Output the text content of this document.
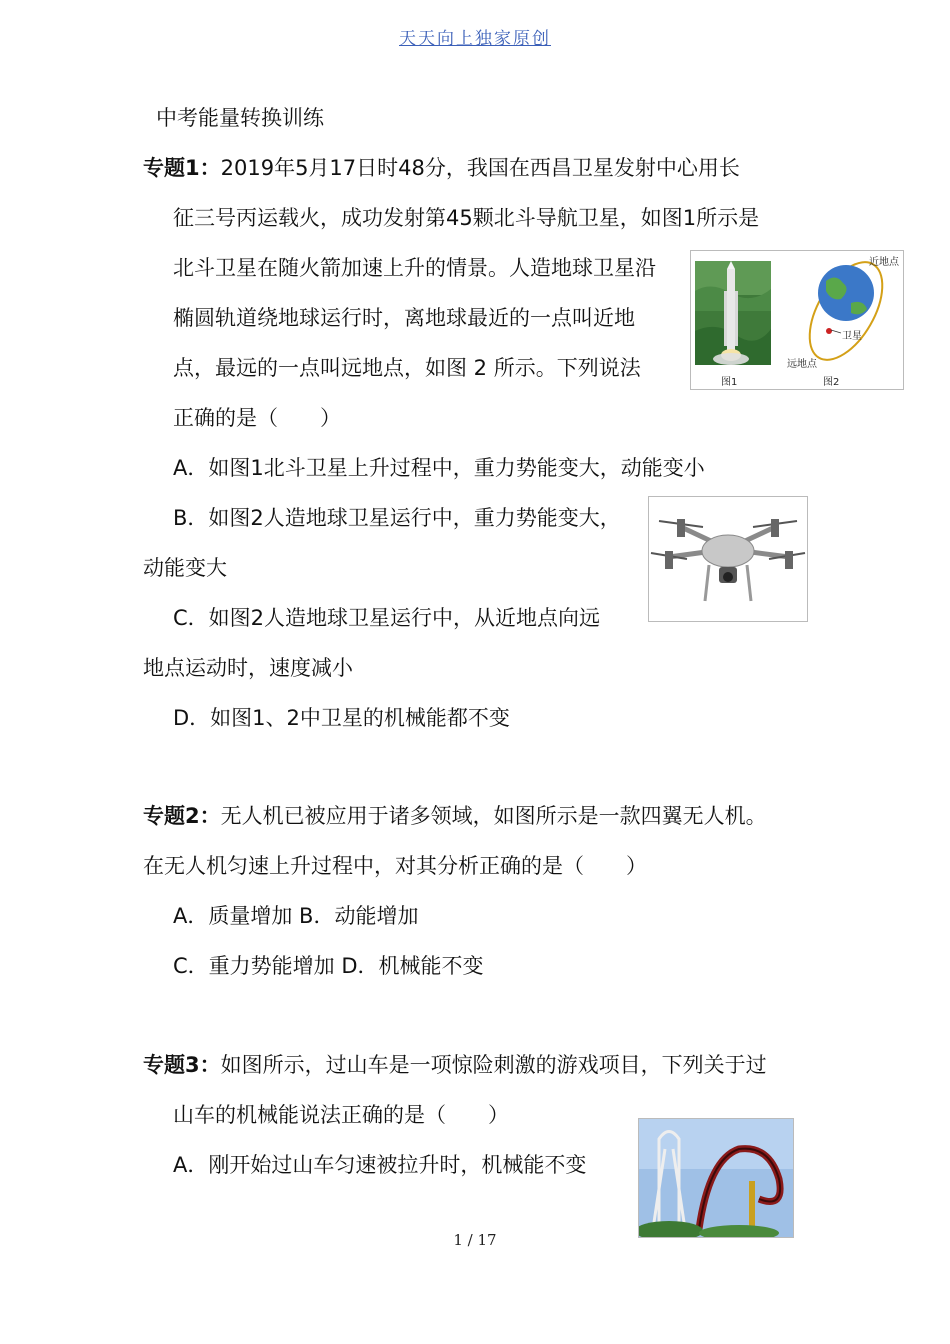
天天向上独家原创
中考能量转换训练
专题1：2019年5月17日时48分，我国在西昌卫星发射中心用长
征三号丙运载火，成功发射第45颗北斗导航卫星，如图1所示是
北斗卫星在随火箭加速上升的情景。人造地球卫星沿
椭圆轨道绕地球运行时，离地球最近的一点叫近地
点，最远的一点叫远地点，如图 2 所示。下列说法
正确的是（　　）
A．如图1北斗卫星上升过程中，重力势能变大，动能变小
B．如图2人造地球卫星运行中，重力势能变大，
动能变大
C．如图2人造地球卫星运行中，从近地点向远
地点运动时，速度减小
D．如图1、2中卫星的机械能都不变
近地点
卫星
远地点
图1	图2
专题2：无人机已被应用于诸多领域，如图所示是一款四翼无人机。
在无人机匀速上升过程中，对其分析正确的是（　　）
A．质量增加 B．动能增加
C．重力势能增加 D．机械能不变
专题3：如图所示，过山车是一项惊险刺激的游戏项目，下列关于过
山车的机械能说法正确的是（　　）
A．刚开始过山车匀速被拉升时，机械能不变
1 / 17
